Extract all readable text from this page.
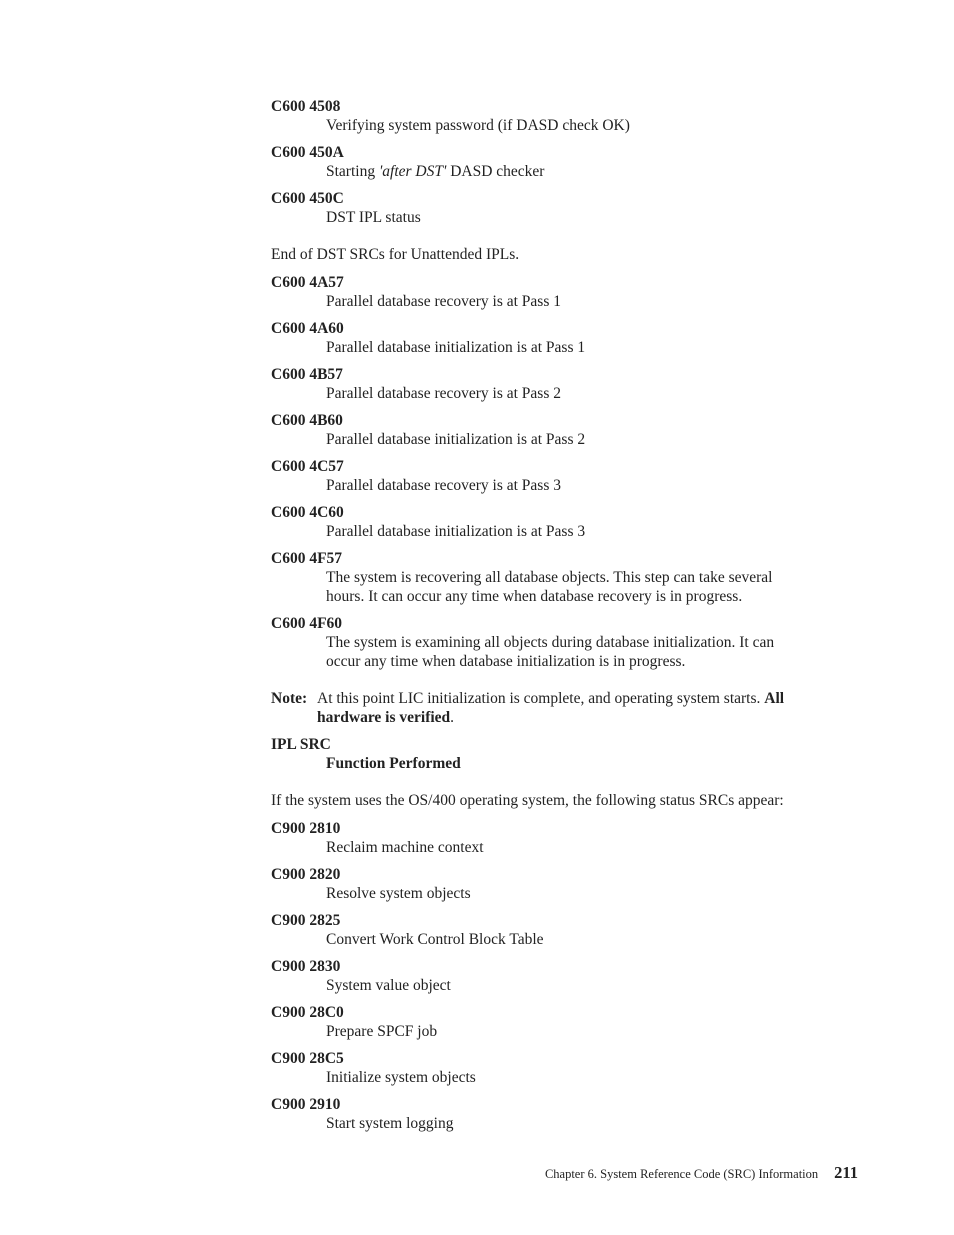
C600 4508
Verifying system password (if DASD check OK)
C600 450A
Starting 'after DST' DASD checker
C600 450C
DST IPL status
End of DST SRCs for Unattended IPLs.
C600 4A57
Parallel database recovery is at Pass 1
C600 4A60
Parallel database initialization is at Pass 1
C600 4B57
Parallel database recovery is at Pass 2
C600 4B60
Parallel database initialization is at Pass 2
C600 4C57
Parallel database recovery is at Pass 3
C600 4C60
Parallel database initialization is at Pass 3
C600 4F57
The system is recovering all database objects. This step can take several
hours. It can occur any time when database recovery is in progress.
C600 4F60
The system is examining all objects during database initialization. It can
occur any time when database initialization is in progress.
Note: At this point LIC initialization is complete, and operating system starts. All
hardware is verified.
IPL SRC
Function Performed
If the system uses the OS/400 operating system, the following status SRCs appear:
C900 2810
Reclaim machine context
C900 2820
Resolve system objects
C900 2825
Convert Work Control Block Table
C900 2830
System value object
C900 28C0
Prepare SPCF job
C900 28C5
Initialize system objects
C900 2910
Start system logging
Chapter 6. System Reference Code (SRC) Information 211
